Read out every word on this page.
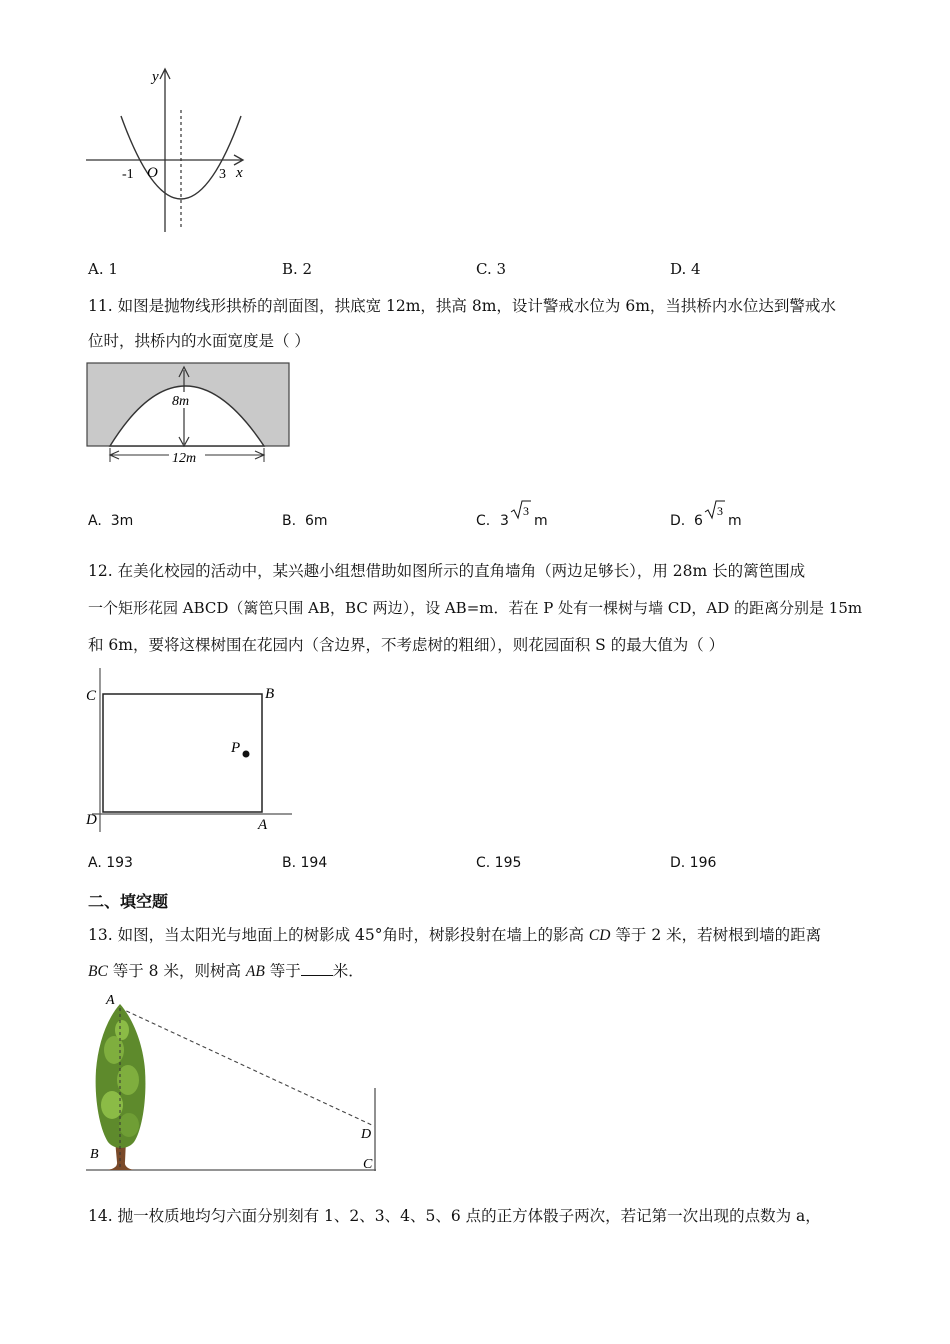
y
x
O
-1	3
A. 1	B. 2	C. 3	D. 4
11. 如图是抛物线形拱桥的剖面图，拱底宽 12m，拱高 8m，设计警戒水位为 6m，当拱桥内水位达到警戒水
位时，拱桥内的水面宽度是（ ）
8m
12m
A. 3m	B. 6m	C. 3
3
m	D. 6
3
m
12. 在美化校园的活动中，某兴趣小组想借助如图所示的直角墙角（两边足够长），用 28m 长的篱笆围成
一个矩形花园 ABCD（篱笆只围 AB，BC 两边），设 AB=m．若在 P 处有一棵树与墙 CD，AD 的距离分别是 15m
和 6m，要将这棵树围在花园内（含边界，不考虑树的粗细），则花园面积 S 的最大值为（ ）
C	B
D	A
P
A. 193	B. 194	C. 195	D. 196
二、填空题
13. 如图，当太阳光与地面上的树影成 45°角时，树影投射在墙上的影高 CD 等于 2 米，若树根到墙的距离
BC 等于 8 米，则树高 AB 等于 米．
A
B
C
D
14. 抛一枚质地均匀六面分别刻有 1、2、3、4、5、6 点的正方体骰子两次，若记第一次出现的点数为 a，
